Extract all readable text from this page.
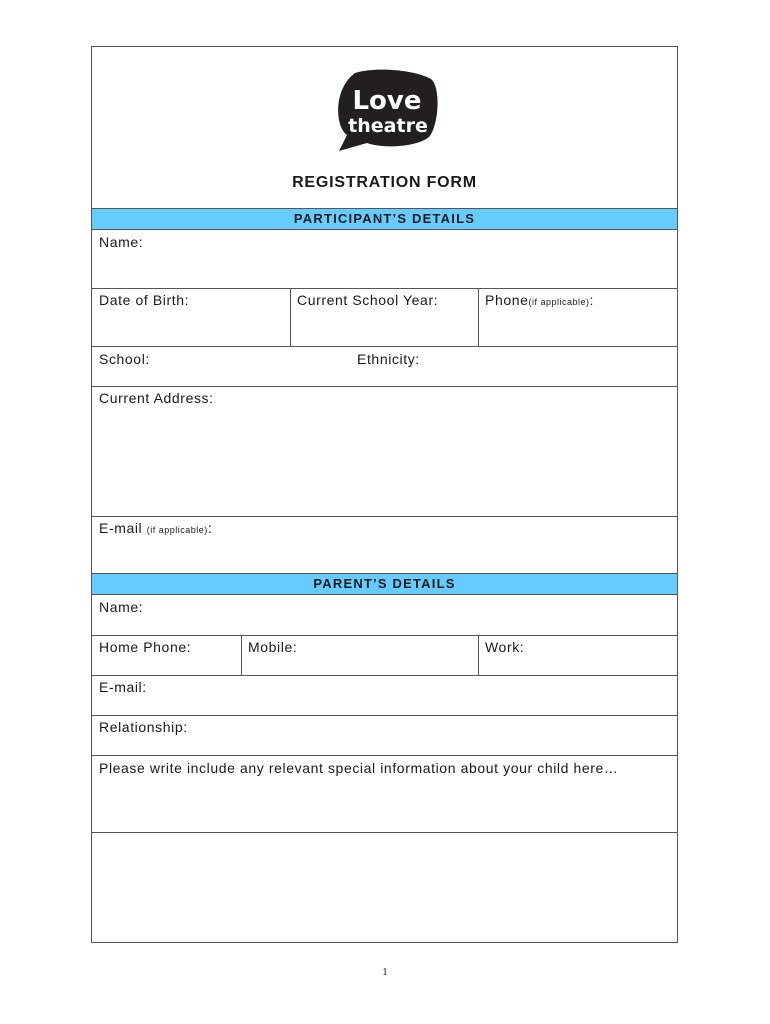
Love
theatre
REGISTRATION FORM
PARTICIPANT’S DETAILS
Name:
Date of Birth:	Current School Year:	Phone(if applicable):
School:	Ethnicity:
Current Address:
E-mail (if applicable):
PARENT’S DETAILS
Name:
Home Phone:	Mobile:	Work:
E-mail:
Relationship:
Please write include any relevant special information about your child here…
1
